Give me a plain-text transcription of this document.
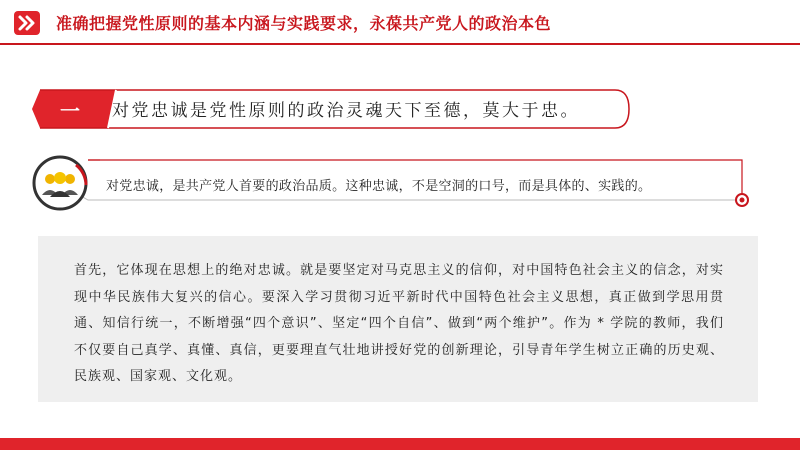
准确把握党性原则的基本内涵与实践要求，永葆共产党人的政治本色
一	对党忠诚是党性原则的政治灵魂天下至德，莫大于忠。
对党忠诚，是共产党人首要的政治品质。这种忠诚，不是空洞的口号，而是具体的、实践的。
首先，它体现在思想上的绝对忠诚。就是要坚定对马克思主义的信仰，对中国特色社会主义的信念，对实现中华民族伟大复兴的信心。要深入学习贯彻习近平新时代中国特色社会主义思想，真正做到学思用贯通、知信行统一，不断增强“四个意识”、坚定“四个自信”、做到“两个维护”。作为 * 学院的教师，我们不仅要自己真学、真懂、真信，更要理直气壮地讲授好党的创新理论，引导青年学生树立正确的历史观、民族观、国家观、文化观。
